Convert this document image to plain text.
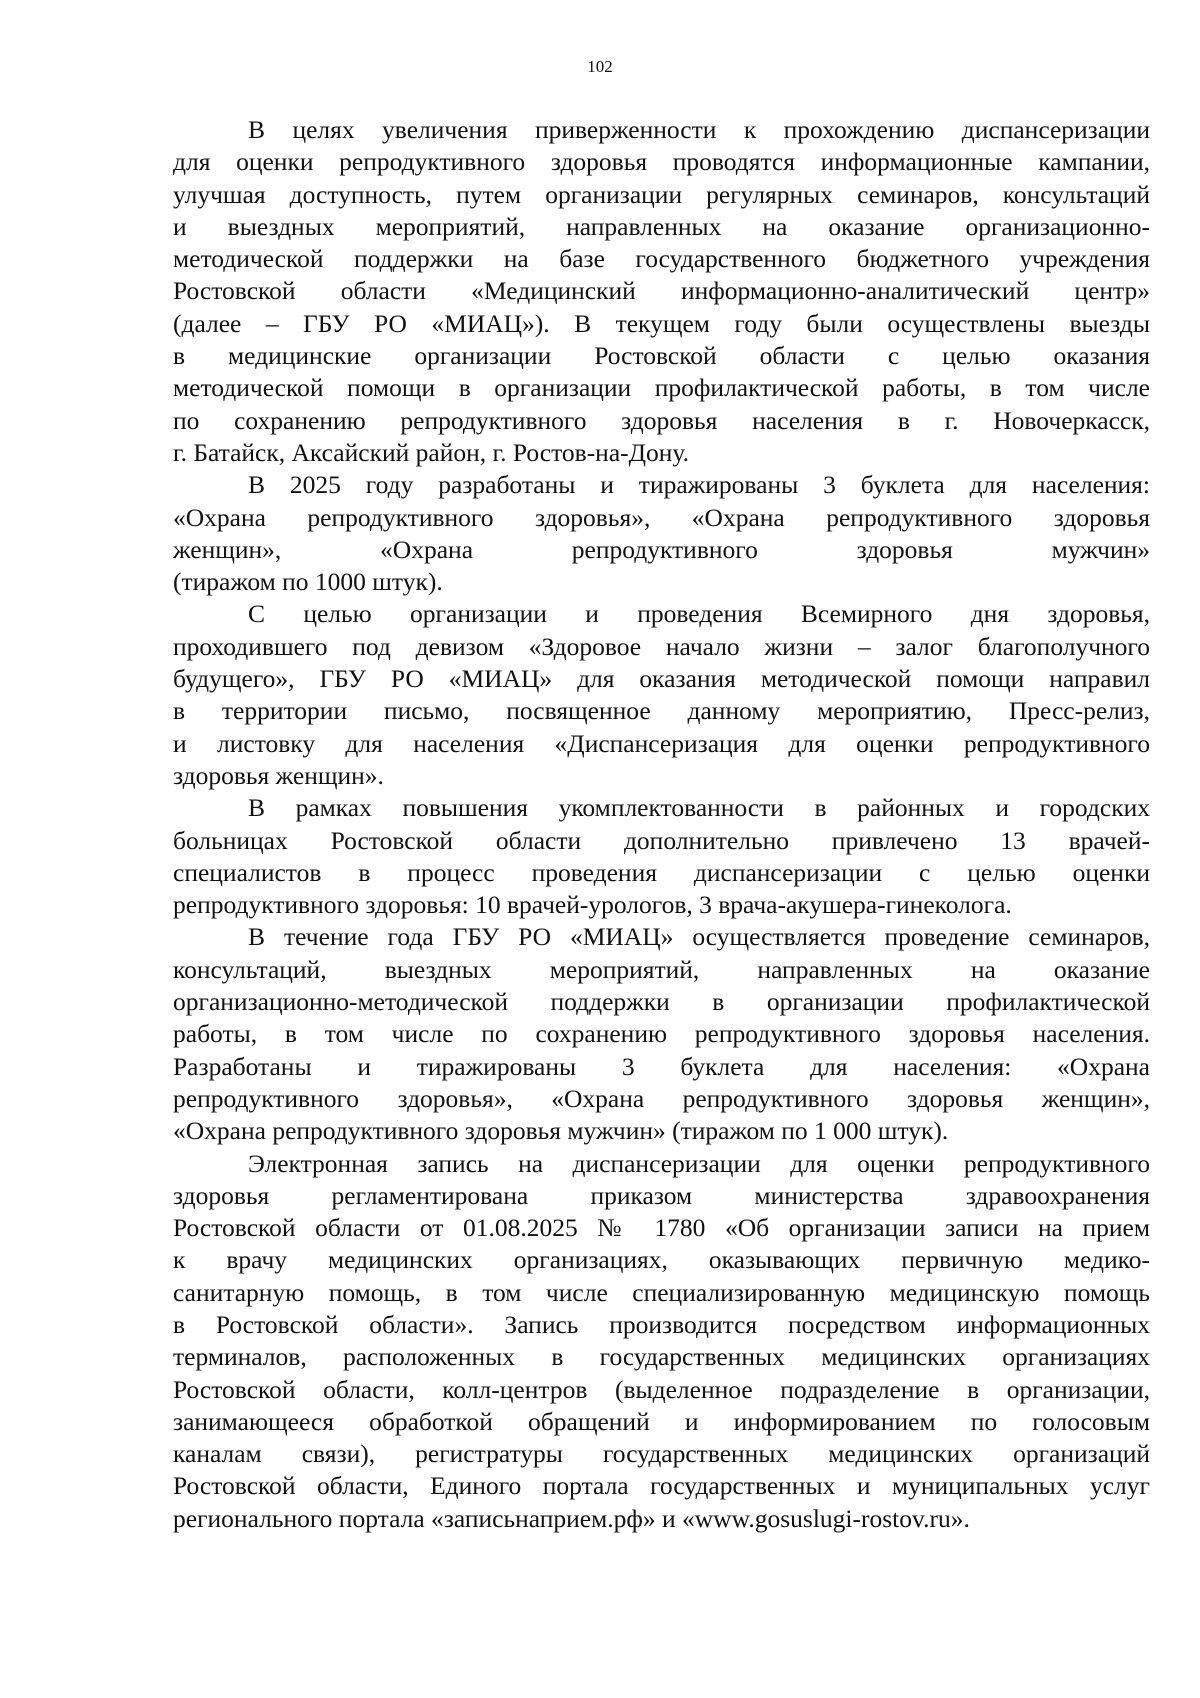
102

В целях увеличения приверженности к прохождению диспансеризации

для оценки репродуктивного здоровья проводятся информационные кампании,

улучшая доступность, путем организации регулярных семинаров, консультаций

и выездных мероприятий, направленных на оказание организационно-

методической поддержки на базе государственного бюджетного учреждения

Ростовской области «Медицинский информационно-аналитический центр»

(далее – ГБУ РО «МИАЦ»). В текущем году были осуществлены выезды

в медицинские организации Ростовской области с целью оказания

методической помощи в организации профилактической работы, в том числе

по сохранению репродуктивного здоровья населения в г. Новочеркасск,

г. Батайск, Аксайский район, г. Ростов-на-Дону.

В 2025 году разработаны и тиражированы 3 буклета для населения:

«Охрана репродуктивного здоровья», «Охрана репродуктивного здоровья

женщин», «Охрана репродуктивного здоровья мужчин»

(тиражом по 1000 штук).

С целью организации и проведения Всемирного дня здоровья,

проходившего под девизом «Здоровое начало жизни – залог благополучного

будущего», ГБУ РО «МИАЦ» для оказания методической помощи направил

в территории письмо, посвященное данному мероприятию, Пресс-релиз,

и листовку для населения «Диспансеризация для оценки репродуктивного

здоровья женщин».

В рамках повышения укомплектованности в районных и городских

больницах Ростовской области дополнительно привлечено 13 врачей-

специалистов в процесс проведения диспансеризации с целью оценки

репродуктивного здоровья: 10 врачей-урологов, 3 врача-акушера-гинеколога.

В течение года ГБУ РО «МИАЦ» осуществляется проведение семинаров,

консультаций, выездных мероприятий, направленных на оказание

организационно-методической поддержки в организации профилактической

работы, в том числе по сохранению репродуктивного здоровья населения.

Разработаны и тиражированы 3 буклета для населения: «Охрана

репродуктивного здоровья», «Охрана репродуктивного здоровья женщин»,

«Охрана репродуктивного здоровья мужчин» (тиражом по 1 000 штук).

Электронная запись на диспансеризации для оценки репродуктивного

здоровья регламентирована приказом министерства здравоохранения

Ростовской области от 01.08.2025 № 1780 «Об организации записи на прием

к врачу медицинских организациях, оказывающих первичную медико-

санитарную помощь, в том числе специализированную медицинскую помощь

в Ростовской области». Запись производится посредством информационных

терминалов, расположенных в государственных медицинских организациях

Ростовской области, колл-центров (выделенное подразделение в организации,

занимающееся обработкой обращений и информированием по голосовым

каналам связи), регистратуры государственных медицинских организаций

Ростовской области, Единого портала государственных и муниципальных услуг

регионального портала «записьнаприем.рф» и «www.gosuslugi-rostov.ru».
